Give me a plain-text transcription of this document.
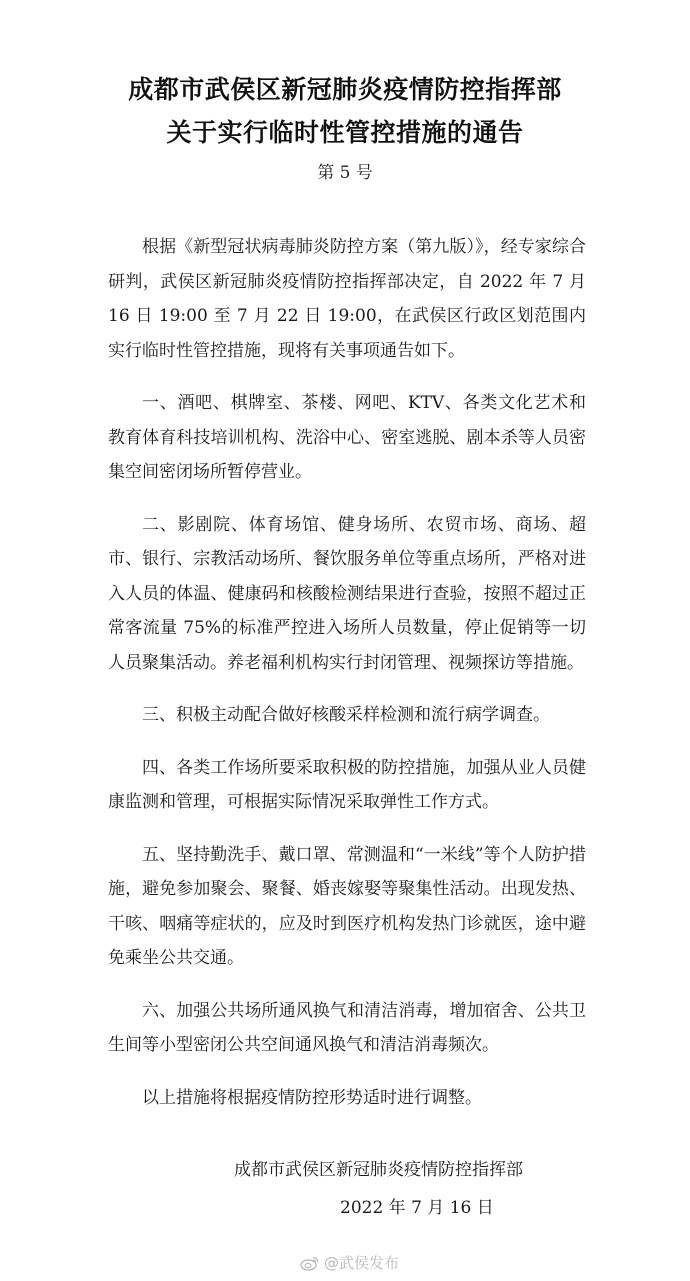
成都市武侯区新冠肺炎疫情防控指挥部
关于实行临时性管控措施的通告
第 5 号

根据《新型冠状病毒肺炎防控方案（第九版）》，经专家综合研判，武侯区新冠肺炎疫情防控指挥部决定，自 2022 年 7 月 16 日 19:00 至 7 月 22 日 19:00，在武侯区行政区划范围内实行临时性管控措施，现将有关事项通告如下。

一、酒吧、棋牌室、茶楼、网吧、KTV、各类文化艺术和教育体育科技培训机构、洗浴中心、密室逃脱、剧本杀等人员密集空间密闭场所暂停营业。

二、影剧院、体育场馆、健身场所、农贸市场、商场、超市、银行、宗教活动场所、餐饮服务单位等重点场所，严格对进入人员的体温、健康码和核酸检测结果进行查验，按照不超过正常客流量 75%的标准严控进入场所人员数量，停止促销等一切人员聚集活动。养老福利机构实行封闭管理、视频探访等措施。

三、积极主动配合做好核酸采样检测和流行病学调查。

四、各类工作场所要采取积极的防控措施，加强从业人员健康监测和管理，可根据实际情况采取弹性工作方式。

五、坚持勤洗手、戴口罩、常测温和“一米线”等个人防护措施，避免参加聚会、聚餐、婚丧嫁娶等聚集性活动。出现发热、干咳、咽痛等症状的，应及时到医疗机构发热门诊就医，途中避免乘坐公共交通。

六、加强公共场所通风换气和清洁消毒，增加宿舍、公共卫生间等小型密闭公共空间通风换气和清洁消毒频次。

以上措施将根据疫情防控形势适时进行调整。

成都市武侯区新冠肺炎疫情防控指挥部
2022 年 7 月 16 日
@武侯发布
